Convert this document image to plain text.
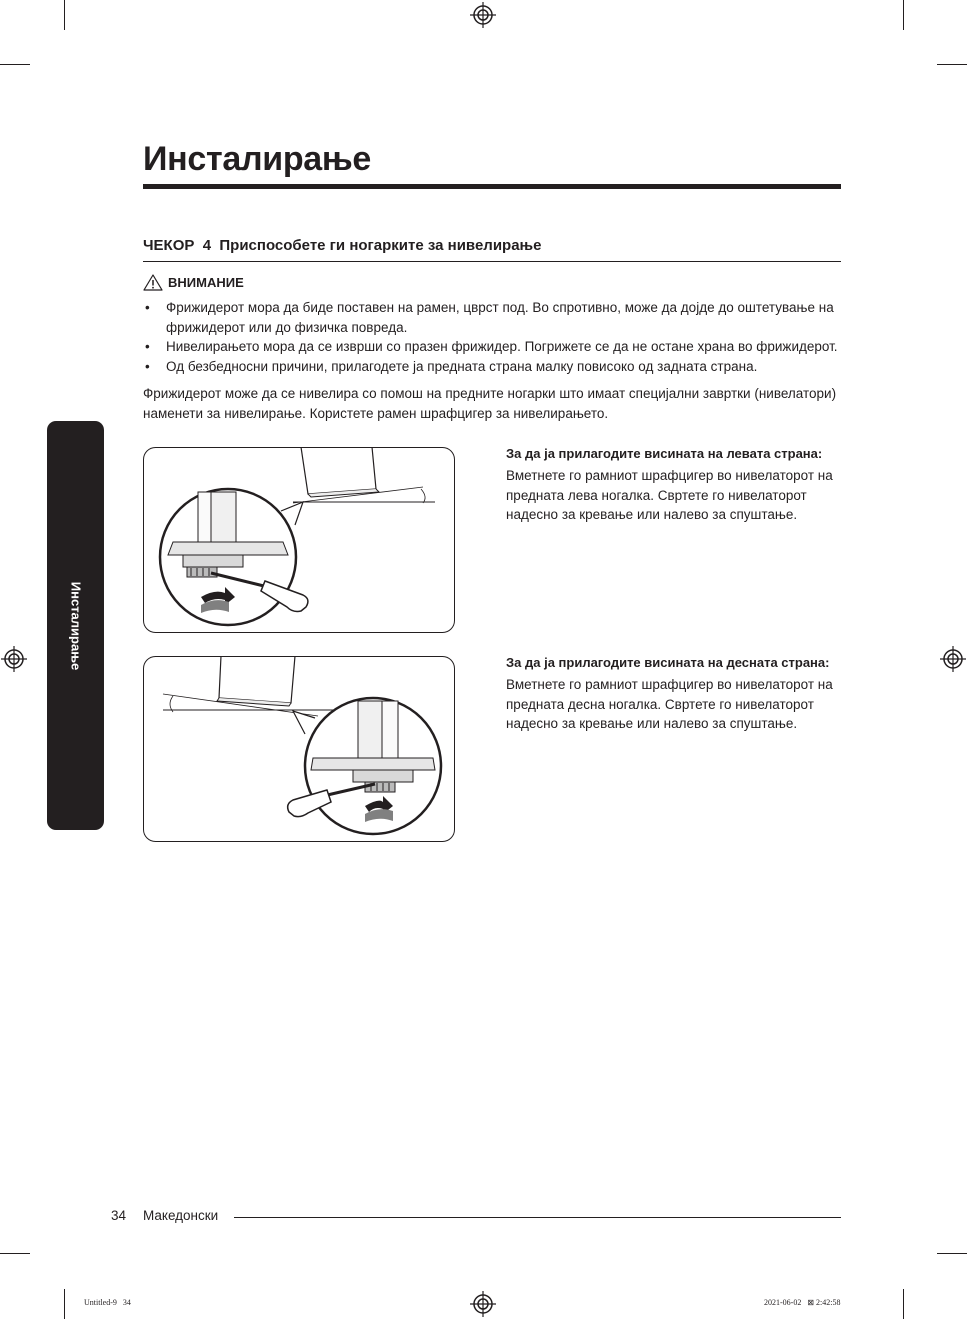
Инсталирање
Инсталирање
ЧЕКОР  4  Приспособете ги ногарките за нивелирање
ВНИМАНИЕ
• Фрижидерот мора да биде поставен на рамен, цврст под. Во спротивно, може да дојде до оштетување на фрижидерот или до физичка повреда.
• Нивелирањето мора да се изврши со празен фрижидер. Погрижете се да не остане храна во фрижидерот.
• Од безбедносни причини, прилагодете ја предната страна малку повисоко од задната страна.

Фрижидерот може да се нивелира со помош на предните ногарки што имаат специјални завртки (нивелатори) наменети за нивелирање. Користете рамен шрафцигер за нивелирањето.

За да ја прилагодите висината на левата страна:

Вметнете го рамниот шрафцигер во нивелаторот на предната лева ногалка. Свртете го нивелаторот надесно за кревање или налево за спуштање.

За да ја прилагодите висината на десната страна:

Вметнете го рамниот шрафцигер во нивелаторот на предната десна ногалка. Свртете го нивелаторот надесно за кревање или налево за спуштање.

34 Македонски
Untitled-9   34	2021-06-02   ⊠ 2:42:58
